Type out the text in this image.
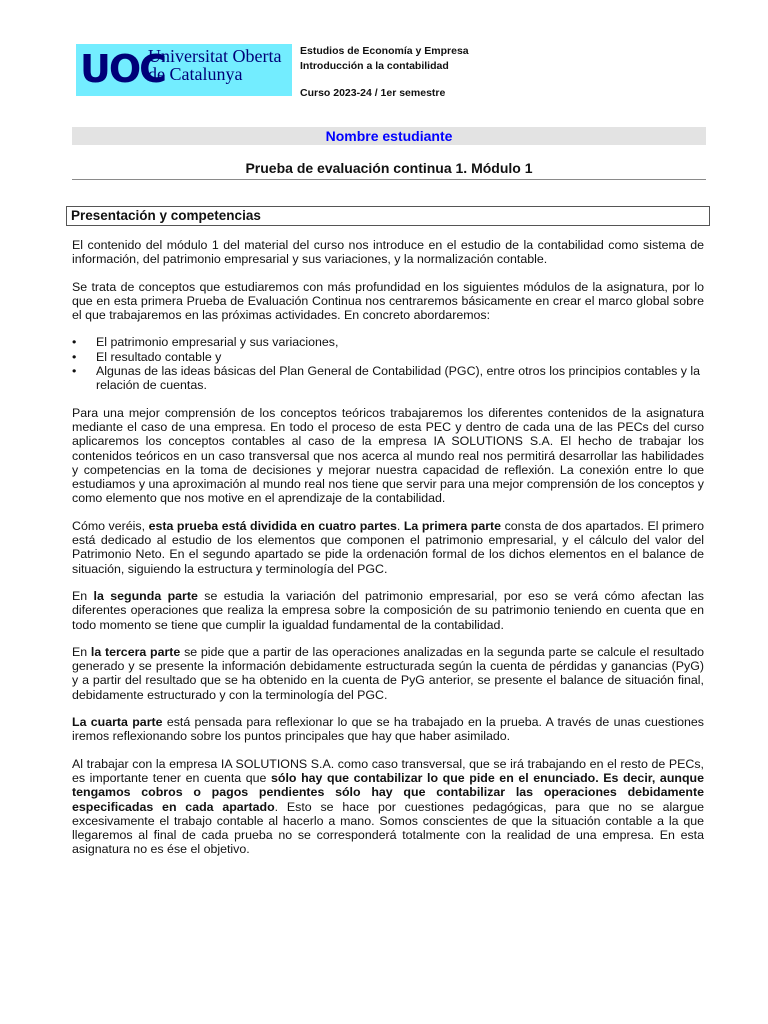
UOC
Universitat Oberta
de Catalunya
Estudios de Economía y Empresa
Introducción a la contabilidad
Curso 2023-24 / 1er semestre
Nombre estudiante
Prueba de evaluación continua 1. Módulo 1
Presentación y competencias

El contenido del módulo 1 del material del curso nos introduce en el estudio de la contabilidad como sistema de información, del patrimonio empresarial y sus variaciones, y la normalización contable.

Se trata de conceptos que estudiaremos con más profundidad en los siguientes módulos de la asignatura, por lo que en esta primera Prueba de Evaluación Continua nos centraremos básicamente en crear el marco global sobre el que trabajaremos en las próximas actividades. En concreto abordaremos:

• El patrimonio empresarial y sus variaciones,
• El resultado contable y
• Algunas de las ideas básicas del Plan General de Contabilidad (PGC), entre otros los principios contables y la relación de cuentas.

Para una mejor comprensión de los conceptos teóricos trabajaremos los diferentes contenidos de la asignatura mediante el caso de una empresa. En todo el proceso de esta PEC y dentro de cada una de las PECs del curso aplicaremos los conceptos contables al caso de la empresa IA SOLUTIONS S.A. El hecho de trabajar los contenidos teóricos en un caso transversal que nos acerca al mundo real nos permitirá desarrollar las habilidades y competencias en la toma de decisiones y mejorar nuestra capacidad de reflexión. La conexión entre lo que estudiamos y una aproximación al mundo real nos tiene que servir para una mejor comprensión de los conceptos y como elemento que nos motive en el aprendizaje de la contabilidad.

Cómo veréis, esta prueba está dividida en cuatro partes. La primera parte consta de dos apartados. El primero está dedicado al estudio de los elementos que componen el patrimonio empresarial, y el cálculo del valor del Patrimonio Neto. En el segundo apartado se pide la ordenación formal de los dichos elementos en el balance de situación, siguiendo la estructura y terminología del PGC.

En la segunda parte se estudia la variación del patrimonio empresarial, por eso se verá cómo afectan las diferentes operaciones que realiza la empresa sobre la composición de su patrimonio teniendo en cuenta que en todo momento se tiene que cumplir la igualdad fundamental de la contabilidad.

En la tercera parte se pide que a partir de las operaciones analizadas en la segunda parte se calcule el resultado generado y se presente la información debidamente estructurada según la cuenta de pérdidas y ganancias (PyG) y a partir del resultado que se ha obtenido en la cuenta de PyG anterior, se presente el balance de situación final, debidamente estructurado y con la terminología del PGC.

La cuarta parte está pensada para reflexionar lo que se ha trabajado en la prueba. A través de unas cuestiones iremos reflexionando sobre los puntos principales que hay que haber asimilado.

Al trabajar con la empresa IA SOLUTIONS S.A. como caso transversal, que se irá trabajando en el resto de PECs, es importante tener en cuenta que sólo hay que contabilizar lo que pide en el enunciado. Es decir, aunque tengamos cobros o pagos pendientes sólo hay que contabilizar las operaciones debidamente especificadas en cada apartado. Esto se hace por cuestiones pedagógicas, para que no se alargue excesivamente el trabajo contable al hacerlo a mano. Somos conscientes de que la situación contable a la que llegaremos al final de cada prueba no se corresponderá totalmente con la realidad de una empresa. En esta asignatura no es ése el objetivo.
